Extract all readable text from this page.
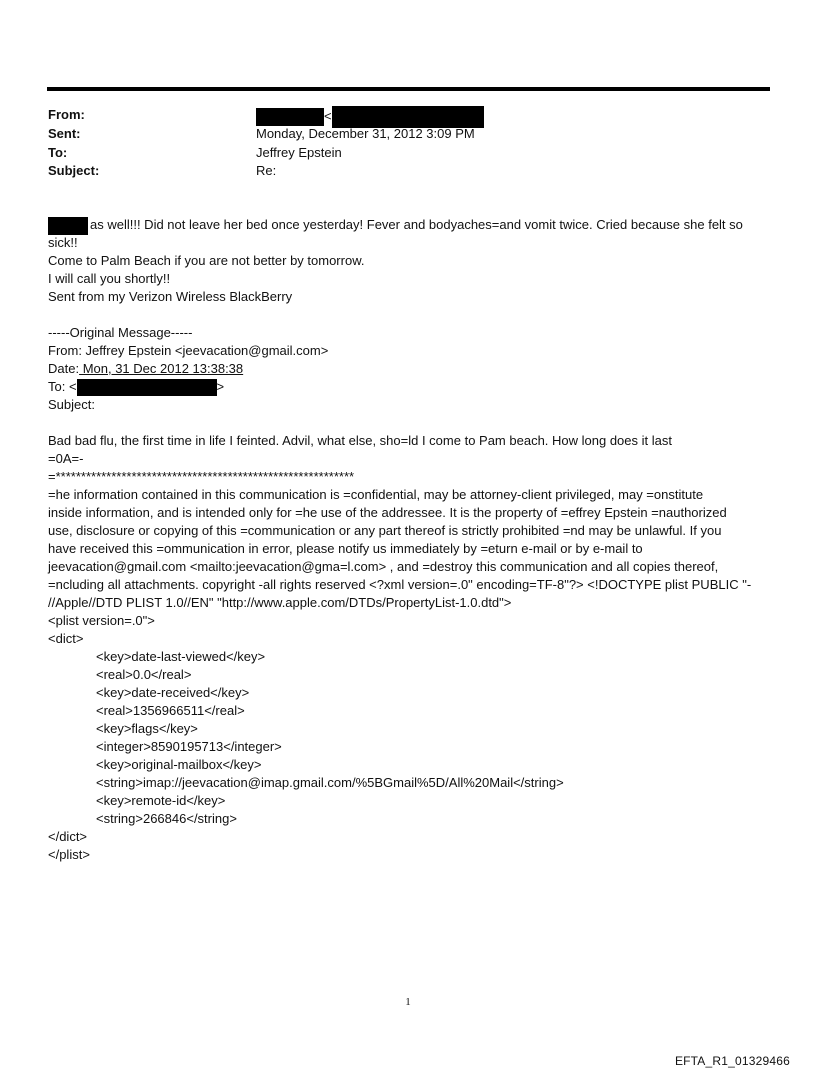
From:	<
Sent:	Monday, December 31, 2012 3:09 PM
To:	Jeffrey Epstein
Subject:	Re:
as well!!! Did not leave her bed once yesterday! Fever and bodyaches=and vomit twice. Cried because she felt so
sick!!
Come to Palm Beach if you are not better by tomorrow.
I will call you shortly!!
Sent from my Verizon Wireless BlackBerry
-----Original Message-----
From: Jeffrey Epstein <jeevacation@gmail.com>
Date: Mon, 31 Dec 2012 13:38:38
To: <	>
Subject:
Bad bad flu, the first time in life I feinted. Advil, what else, sho=ld I come to Pam beach. How long does it last
=0A=-
=***********************************************************
=he information contained in this communication is =confidential, may be attorney-client privileged, may =onstitute
inside information, and is intended only for =he use of the addressee. It is the property of =effrey Epstein =nauthorized
use, disclosure or copying of this =communication or any part thereof is strictly prohibited =nd may be unlawful. If you
have received this =ommunication in error, please notify us immediately by =eturn e-mail or by e-mail to
jeevacation@gmail.com <mailto:jeevacation@gma=l.com> , and =destroy this communication and all copies thereof,
=ncluding all attachments. copyright -all rights reserved <?xml version=.0" encoding=TF-8"?> <!DOCTYPE plist PUBLIC "-
//Apple//DTD PLIST 1.0//EN" "http://www.apple.com/DTDs/PropertyList-1.0.dtd">
<plist version=.0">
<dict>
<key>date-last-viewed</key>
<real>0.0</real>
<key>date-received</key>
<real>1356966511</real>
<key>flags</key>
<integer>8590195713</integer>
<key>original-mailbox</key>
<string>imap://jeevacation@imap.gmail.com/%5BGmail%5D/All%20Mail</string>
<key>remote-id</key>
<string>266846</string>
</dict>
</plist>
1
EFTA_R1_01329466
